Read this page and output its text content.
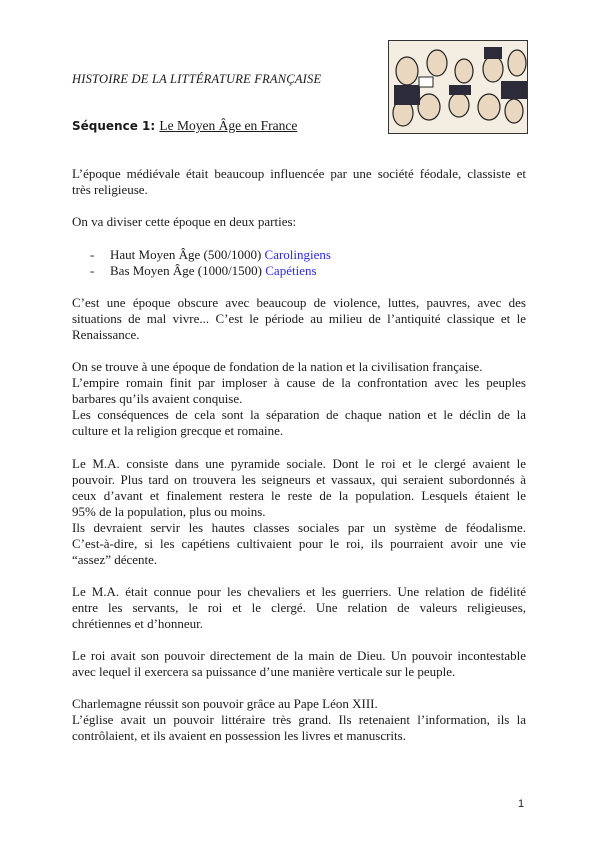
HISTOIRE DE LA LITTÉRATURE FRANÇAISE
Séquence 1: Le Moyen Âge en France
L’époque médiévale était beaucoup influencée par une société féodale, classiste et
très religieuse.
On va diviser cette époque en deux parties:
C’est une époque obscure avec beaucoup de violence, luttes, pauvres, avec des
situations de mal vivre... C’est le période au milieu de l’antiquité classique et le
Renaissance.
On se trouve à une époque de fondation de la nation et la civilisation française.
L’empire romain finit par imploser à cause de la confrontation avec les peuples
barbares qu’ils avaient conquise.
Les conséquences de cela sont la séparation de chaque nation et le déclin de la
culture et la religion grecque et romaine.
Le M.A. consiste dans une pyramide sociale. Dont le roi et le clergé avaient le
pouvoir. Plus tard on trouvera les seigneurs et vassaux, qui seraient subordonnés à
ceux d’avant et finalement restera le reste de la population. Lesquels étaient le
95% de la population, plus ou moins.
Ils devraient servir les hautes classes sociales par un système de féodalisme.
C’est-à-dire, si les capétiens cultivaient pour le roi, ils pourraient avoir une vie
“assez” décente.
Le M.A. était connue pour les chevaliers et les guerriers. Une relation de fidélité
entre les servants, le roi et le clergé. Une relation de valeurs religieuses,
chrétiennes et d’honneur.
Le roi avait son pouvoir directement de la main de Dieu. Un pouvoir incontestable
avec lequel il exercera sa puissance d’une manière verticale sur le peuple.
Charlemagne réussit son pouvoir grâce au Pape Léon XIII.
L’église avait un pouvoir littéraire très grand. Ils retenaient l’information, ils la
contrôlaient, et ils avaient en possession les livres et manuscrits.
- Haut Moyen Âge (500/1000) Carolingiens
- Bas Moyen Âge (1000/1500) Capétiens
1
